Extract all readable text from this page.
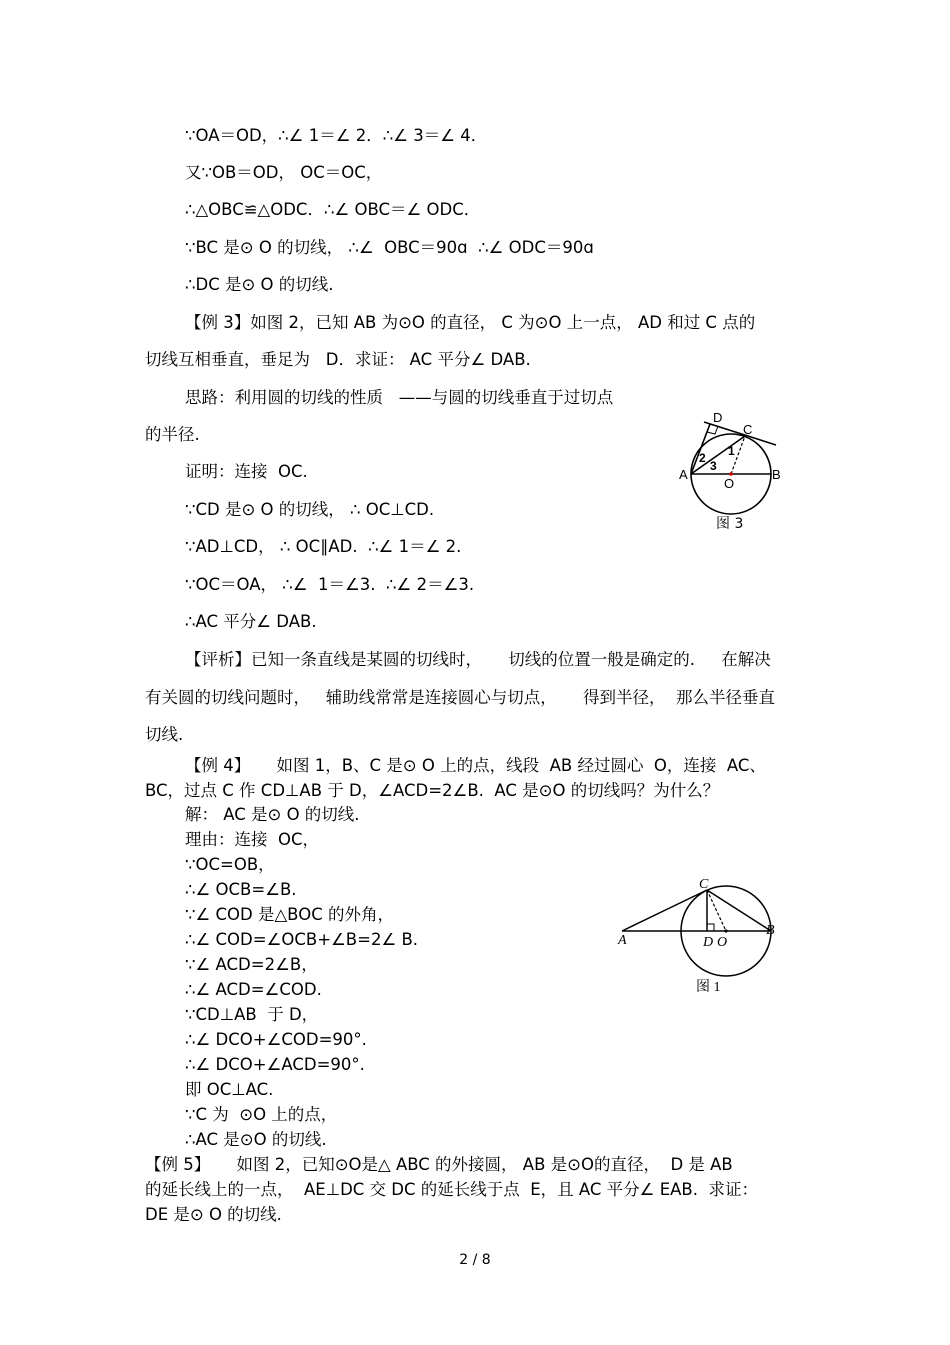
∵OA＝OD，∴∠ 1＝∠ 2．∴∠ 3＝∠ 4．
又∵OB＝OD， OC＝OC，
∴△OBC≌△ODC．∴∠ OBC＝∠ ODC．
∵BC 是⊙ O 的切线， ∴∠  OBC＝90ɑ  ∴∠ ODC＝90ɑ
∴DC 是⊙ O 的切线.
【例 3】如图 2，已知 AB 为⊙O 的直径， C 为⊙O 上一点， AD 和过 C 点的
切线互相垂直，垂足为   D．求证： AC 平分∠ DAB.
思路：利用圆的切线的性质   ——与圆的切线垂直于过切点
的半径.
证明：连接  OC.
∵CD 是⊙ O 的切线， ∴ OC⊥CD.
∵AD⊥CD， ∴ OC∥AD.  ∴∠ 1＝∠ 2.
∵OC＝OA， ∴∠  1＝∠3.  ∴∠ 2＝∠3.
∴AC 平分∠ DAB.
【评析】已知一条直线是某圆的切线时，     切线的位置一般是确定的.     在解决
有关圆的切线问题时，   辅助线常常是连接圆心与切点，     得到半径，  那么半径垂直
切线.
【例 4】     如图 1，B、C 是⊙ O 上的点，线段  AB 经过圆心  O，连接  AC、
BC，过点 C 作 CD⊥AB 于 D，∠ACD=2∠B.  AC 是⊙O 的切线吗？为什么？
解： AC 是⊙ O 的切线.
理由：连接  OC，
∵OC=OB，
∴∠ OCB=∠B.
∵∠ COD 是△BOC 的外角，
∴∠ COD=∠OCB+∠B=2∠ B.
∵∠ ACD=2∠B，
∴∠ ACD=∠COD.
∵CD⊥AB  于 D，
∴∠ DCO+∠COD=90°.
∴∠ DCO+∠ACD=90°.
即 OC⊥AC.
∵C 为  ⊙O 上的点，
∴AC 是⊙O 的切线.
【例 5】     如图 2，已知⊙O是△ ABC 的外接圆， AB 是⊙O的直径，  D 是 AB
的延长线上的一点，  AE⊥DC 交 DC 的延长线于点  E，且 AC 平分∠ EAB.  求证：
DE 是⊙ O 的切线.
D
C
2 1
3
A
O
B
图 3
C
A	D O
B
图 1
2 / 8
